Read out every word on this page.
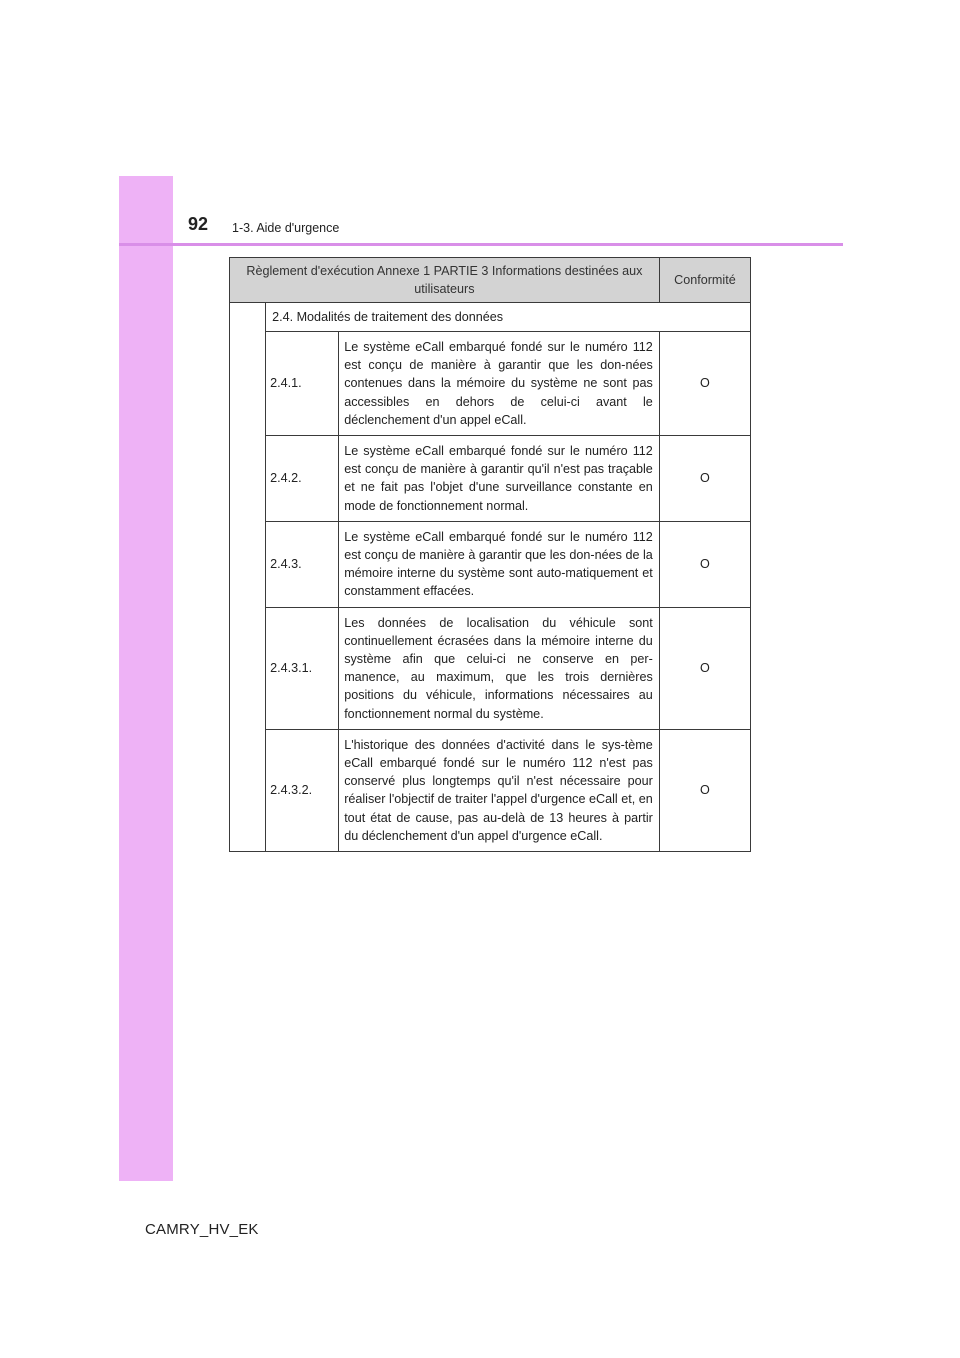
92 1-3. Aide d'urgence
Règlement d'exécution Annexe 1 PARTIE 3 Informations destinées aux utilisateurs			Conformité
	2.4. Modalités de traitement des données		
	2.4.1.	Le système eCall embarqué fondé sur le numéro 112 est conçu de manière à garantir que les don-nées contenues dans la mémoire du système ne sont pas accessibles en dehors de celui-ci avant le déclenchement d'un appel eCall.	O
	2.4.2.	Le système eCall embarqué fondé sur le numéro 112 est conçu de manière à garantir qu'il n'est pas traçable et ne fait pas l'objet d'une surveillance constante en mode de fonctionnement normal.	O
	2.4.3.	Le système eCall embarqué fondé sur le numéro 112 est conçu de manière à garantir que les don-nées de la mémoire interne du système sont auto-matiquement et constamment effacées.	O
	2.4.3.1.	Les données de localisation du véhicule sont continuellement écrasées dans la mémoire interne du système afin que celui-ci ne conserve en per-manence, au maximum, que les trois dernières positions du véhicule, informations nécessaires au fonctionnement normal du système.	O
	2.4.3.2.	L'historique des données d'activité dans le sys-tème eCall embarqué fondé sur le numéro 112 n'est pas conservé plus longtemps qu'il n'est nécessaire pour réaliser l'objectif de traiter l'appel d'urgence eCall et, en tout état de cause, pas au-delà de 13 heures à partir du déclenchement d'un appel d'urgence eCall.	O
CAMRY_HV_EK
